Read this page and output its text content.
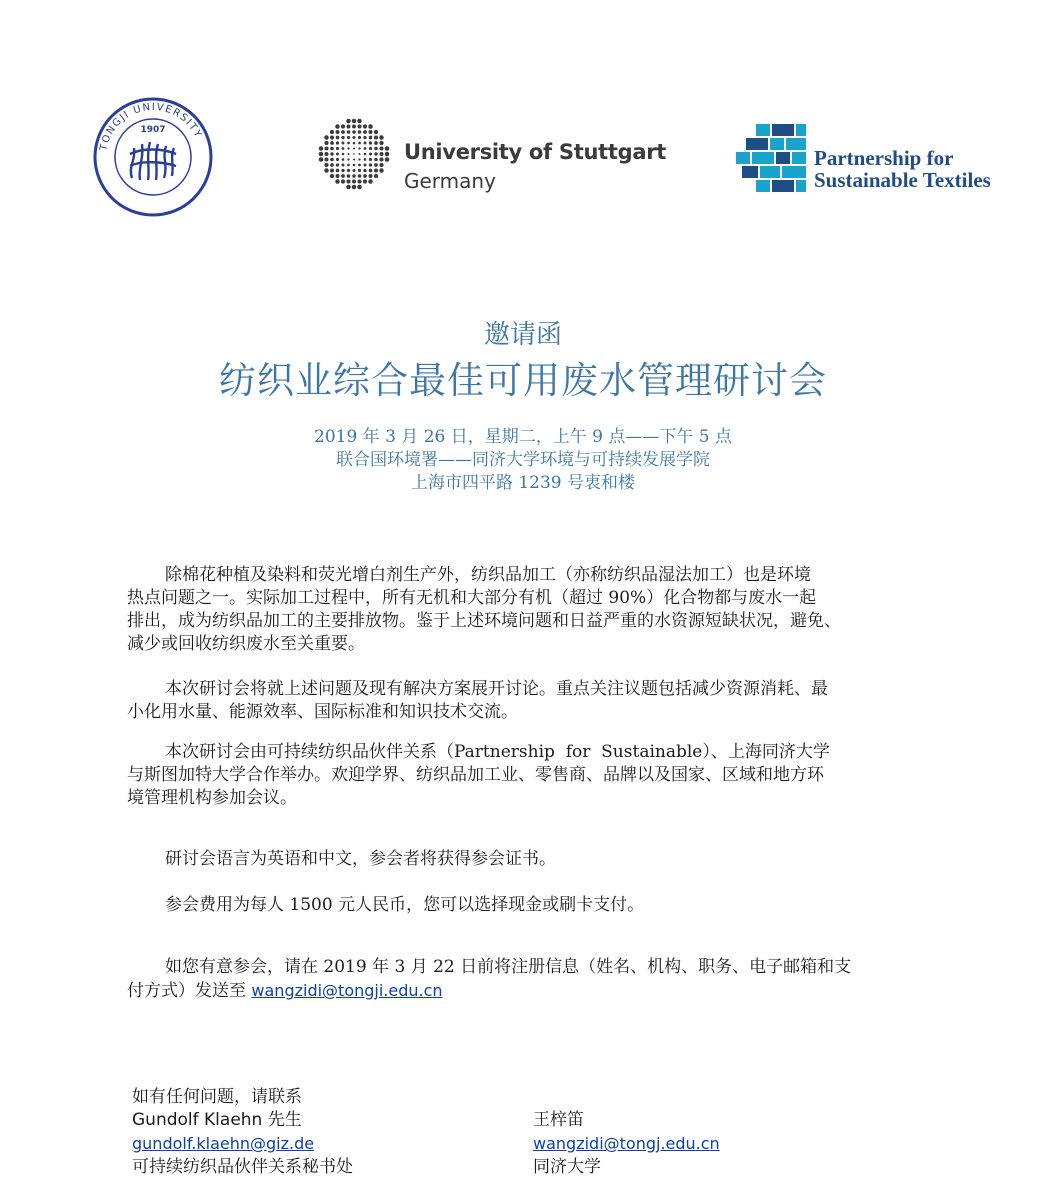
TONGJI UNIVERSITY
1907
University of Stuttgart
Germany
Partnership for
Sustainable Textiles
邀请函
纺织业综合最佳可用废水管理研讨会
2019 年 3 月 26 日，星期二，上午 9 点——下午 5 点
联合国环境署——同济大学环境与可持续发展学院
上海市四平路 1239 号衷和楼
除棉花种植及染料和荧光增白剂生产外，纺织品加工（亦称纺织品湿法加工）也是环境
热点问题之一。实际加工过程中，所有无机和大部分有机（超过 90%）化合物都与废水一起
排出，成为纺织品加工的主要排放物。鉴于上述环境问题和日益严重的水资源短缺状况，避免、
减少或回收纺织废水至关重要。
本次研讨会将就上述问题及现有解决方案展开讨论。重点关注议题包括减少资源消耗、最
小化用水量、能源效率、国际标准和知识技术交流。
本次研讨会由可持续纺织品伙伴关系（Partnership  for  Sustainable）、上海同济大学
与斯图加特大学合作举办。欢迎学界、纺织品加工业、零售商、品牌以及国家、区域和地方环
境管理机构参加会议。
研讨会语言为英语和中文，参会者将获得参会证书。
参会费用为每人 1500 元人民币，您可以选择现金或刷卡支付。
如您有意参会，请在 2019 年 3 月 22 日前将注册信息（姓名、机构、职务、电子邮箱和支
付方式）发送至 wangzidi@tongji.edu.cn
如有任何问题，请联系
Gundolf Klaehn 先生
gundolf.klaehn@giz.de
可持续纺织品伙伴关系秘书处
王梓笛
wangzidi@tongj.edu.cn
同济大学
